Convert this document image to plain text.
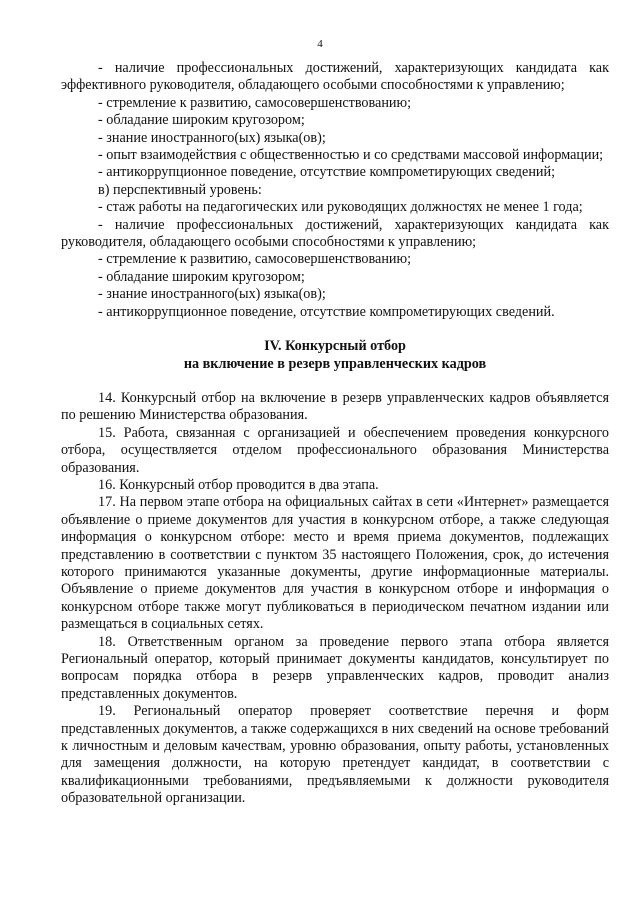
4

- наличие профессиональных достижений, характеризующих кандидата как эффективного руководителя, обладающего особыми способностями к управлению;

- стремление к развитию, самосовершенствованию;

- обладание широким кругозором;

- знание иностранного(ых) языка(ов);

- опыт взаимодействия с общественностью и со средствами массовой информации;

- антикоррупционное поведение, отсутствие компрометирующих сведений;

в) перспективный уровень:

- стаж работы на педагогических или руководящих должностях не менее 1 года;

- наличие профессиональных достижений, характеризующих кандидата как руководителя, обладающего особыми способностями к управлению;

- стремление к развитию, самосовершенствованию;

- обладание широким кругозором;

- знание иностранного(ых) языка(ов);

- антикоррупционное поведение, отсутствие компрометирующих сведений.

IV. Конкурсный отбор

на включение в резерв управленческих кадров

14. Конкурсный отбор на включение в резерв управленческих кадров объявляется по решению Министерства образования.

15. Работа, связанная с организацией и обеспечением проведения конкурсного отбора, осуществляется отделом профессионального образования Министерства образования.

16. Конкурсный отбор проводится в два этапа.

17. На первом этапе отбора на официальных сайтах в сети «Интернет» размещается объявление о приеме документов для участия в конкурсном отборе, а также следующая информация о конкурсном отборе: место и время приема документов, подлежащих представлению в соответствии с пунктом 35 настоящего Положения, срок, до истечения которого принимаются указанные документы, другие информационные материалы. Объявление о приеме документов для участия в конкурсном отборе и информация о конкурсном отборе также могут публиковаться в периодическом печатном издании или размещаться в социальных сетях.

18. Ответственным органом за проведение первого этапа отбора является Региональный оператор, который принимает документы кандидатов, консультирует по вопросам порядка отбора в резерв управленческих кадров, проводит анализ представленных документов.

19. Региональный оператор проверяет соответствие перечня и форм представленных документов, а также содержащихся в них сведений на основе требований к личностным и деловым качествам, уровню образования, опыту работы, установленных для замещения должности, на которую претендует кандидат, в соответствии с квалификационными требованиями, предъявляемыми к должности руководителя образовательной организации.
